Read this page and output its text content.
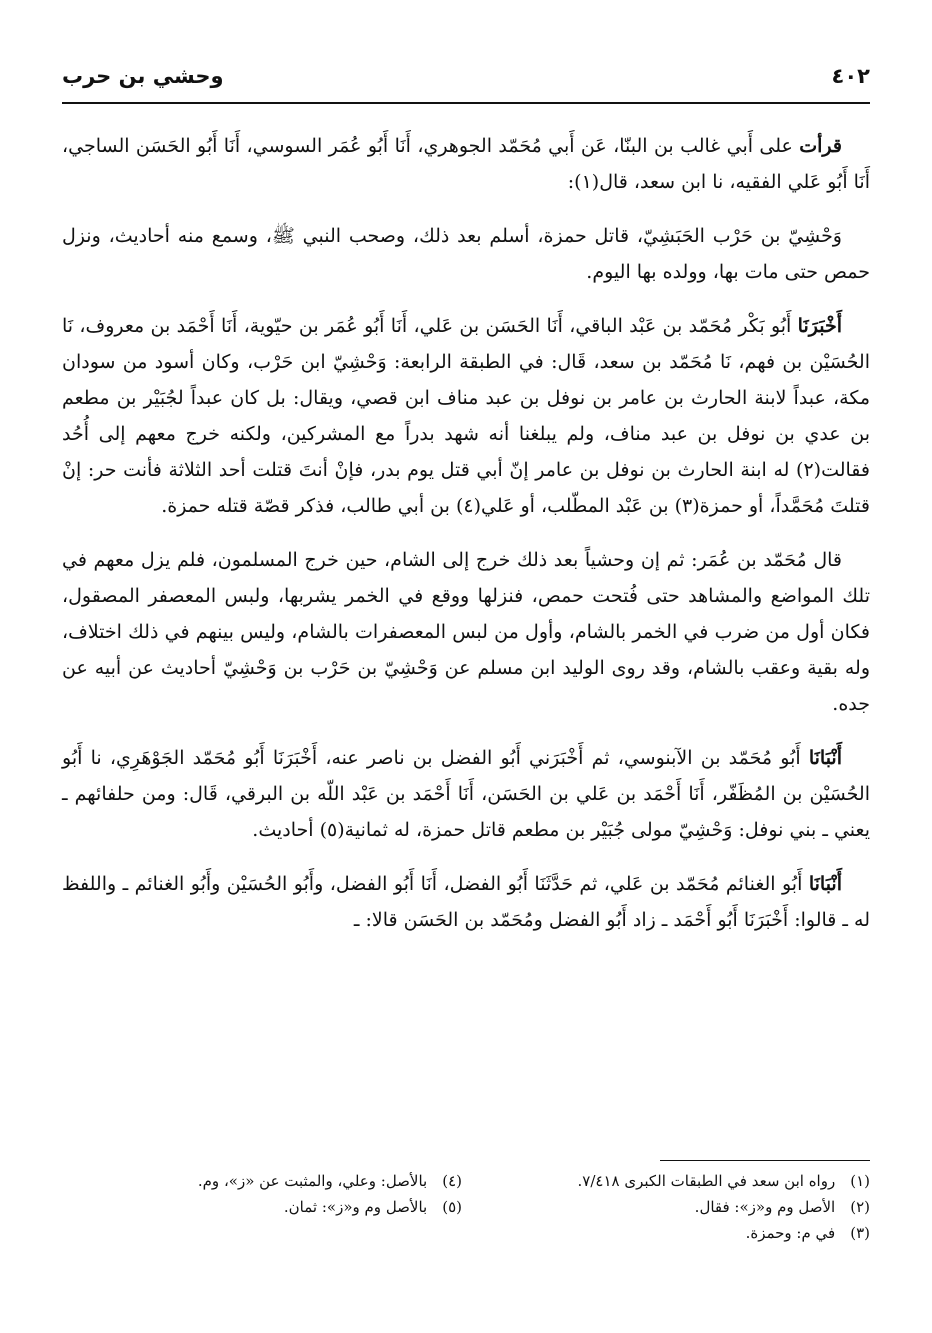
٤٠٢
وحشي بن حرب

قرأت على أَبي غالب بن البنّا، عَن أَبي مُحَمّد الجوهري، أَنَا أَبُو عُمَر السوسي، أَنَا أَبُو الحَسَن الساجي، أَنَا أَبُو عَلي الفقيه، نا ابن سعد، قال(١):

وَحْشِيّ بن حَرْب الحَبَشِيّ، قاتل حمزة، أسلم بعد ذلك، وصحب النبي ﷺ، وسمع منه أحاديث، ونزل حمص حتى مات بها، وولده بها اليوم.

أَخْبَرَنَا أَبُو بَكْر مُحَمّد بن عَبْد الباقي، أَنَا الحَسَن بن عَلي، أَنَا أَبُو عُمَر بن حيّوية، أَنَا أَحْمَد بن معروف، نَا الحُسَيْن بن فهم، نَا مُحَمّد بن سعد، قَال: في الطبقة الرابعة: وَحْشِيّ ابن حَرْب، وكان أسود من سودان مكة، عبداً لابنة الحارث بن عامر بن نوفل بن عبد مناف ابن قصي، ويقال: بل كان عبداً لجُبَيْر بن مطعم بن عدي بن نوفل بن عبد مناف، ولم يبلغنا أنه شهد بدراً مع المشركين، ولكنه خرج معهم إلى أُحُد فقالت(٢) له ابنة الحارث بن نوفل بن عامر إنّ أبي قتل يوم بدر، فإنْ أنتَ قتلت أحد الثلاثة فأنت حر: إنْ قتلتَ مُحَمَّداً، أو حمزة(٣) بن عَبْد المطّلب، أو عَلي(٤) بن أبي طالب، فذكر قصّة قتله حمزة.

قال مُحَمّد بن عُمَر: ثم إن وحشياً بعد ذلك خرج إلى الشام، حين خرج المسلمون، فلم يزل معهم في تلك المواضع والمشاهد حتى فُتحت حمص، فنزلها ووقع في الخمر يشربها، ولبس المعصفر المصقول، فكان أول من ضرب في الخمر بالشام، وأول من لبس المعصفرات بالشام، وليس بينهم في ذلك اختلاف، وله بقية وعقب بالشام، وقد روى الوليد ابن مسلم عن وَحْشِيّ بن حَرْب بن وَحْشِيّ أحاديث عن أبيه عن جده.

أَنْبَانَا أَبُو مُحَمّد بن الآبنوسي، ثم أَخْبَرَني أَبُو الفضل بن ناصر عنه، أَخْبَرَنَا أَبُو مُحَمّد الجَوْهَرِي، نا أَبُو الحُسَيْن بن المُظَفّر، أَنَا أَحْمَد بن عَلي بن الحَسَن، أَنَا أَحْمَد بن عَبْد اللّه بن البرقي، قَال: ومن حلفائهم ـ يعني ـ بني نوفل: وَحْشِيّ مولى جُبَيْر بن مطعم قاتل حمزة، له ثمانية(٥) أحاديث.

أَنْبَانَا أَبُو الغنائم مُحَمّد بن عَلي، ثم حَدَّثَنَا أَبُو الفضل، أَنَا أَبُو الفضل، وأَبُو الحُسَيْن وأَبُو الغنائم ـ واللفظ له ـ قالوا: أَخْبَرَنَا أَبُو أَحْمَد ـ زاد أَبُو الفضل ومُحَمّد بن الحَسَن قالا: ـ

(١) رواه ابن سعد في الطبقات الكبرى ٧/٤١٨.
(٢) الأصل وم و«ز»: فقال.
(٣) في م: وحمزة.
(٤) بالأصل: وعلي، والمثبت عن «ز»، وم.
(٥) بالأصل وم و«ز»: ثمان.
